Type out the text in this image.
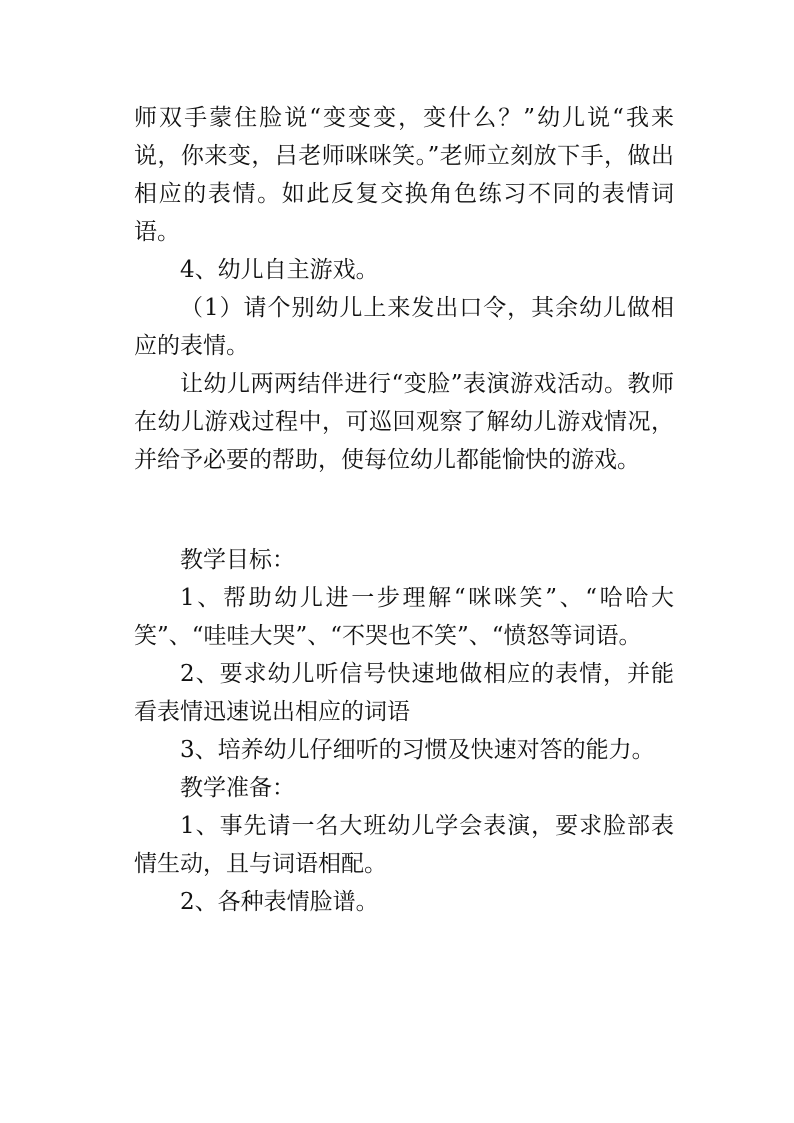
师双手蒙住脸说“变变变，变什么？”幼儿说“我来说，你来变，吕老师咪咪笑。”老师立刻放下手，做出相应的表情。如此反复交换角色练习不同的表情词语。

4、幼儿自主游戏。

（1）请个别幼儿上来发出口令，其余幼儿做相应的表情。

让幼儿两两结伴进行“变脸”表演游戏活动。教师在幼儿游戏过程中，可巡回观察了解幼儿游戏情况，并给予必要的帮助，使每位幼儿都能愉快的游戏。

教学目标：

1、帮助幼儿进一步理解“咪咪笑”、“哈哈大笑”、“哇哇大哭”、“不哭也不笑”、“愤怒等词语。

2、要求幼儿听信号快速地做相应的表情，并能看表情迅速说出相应的词语

3、培养幼儿仔细听的习惯及快速对答的能力。

教学准备：

1、事先请一名大班幼儿学会表演，要求脸部表情生动，且与词语相配。

2、各种表情脸谱。
